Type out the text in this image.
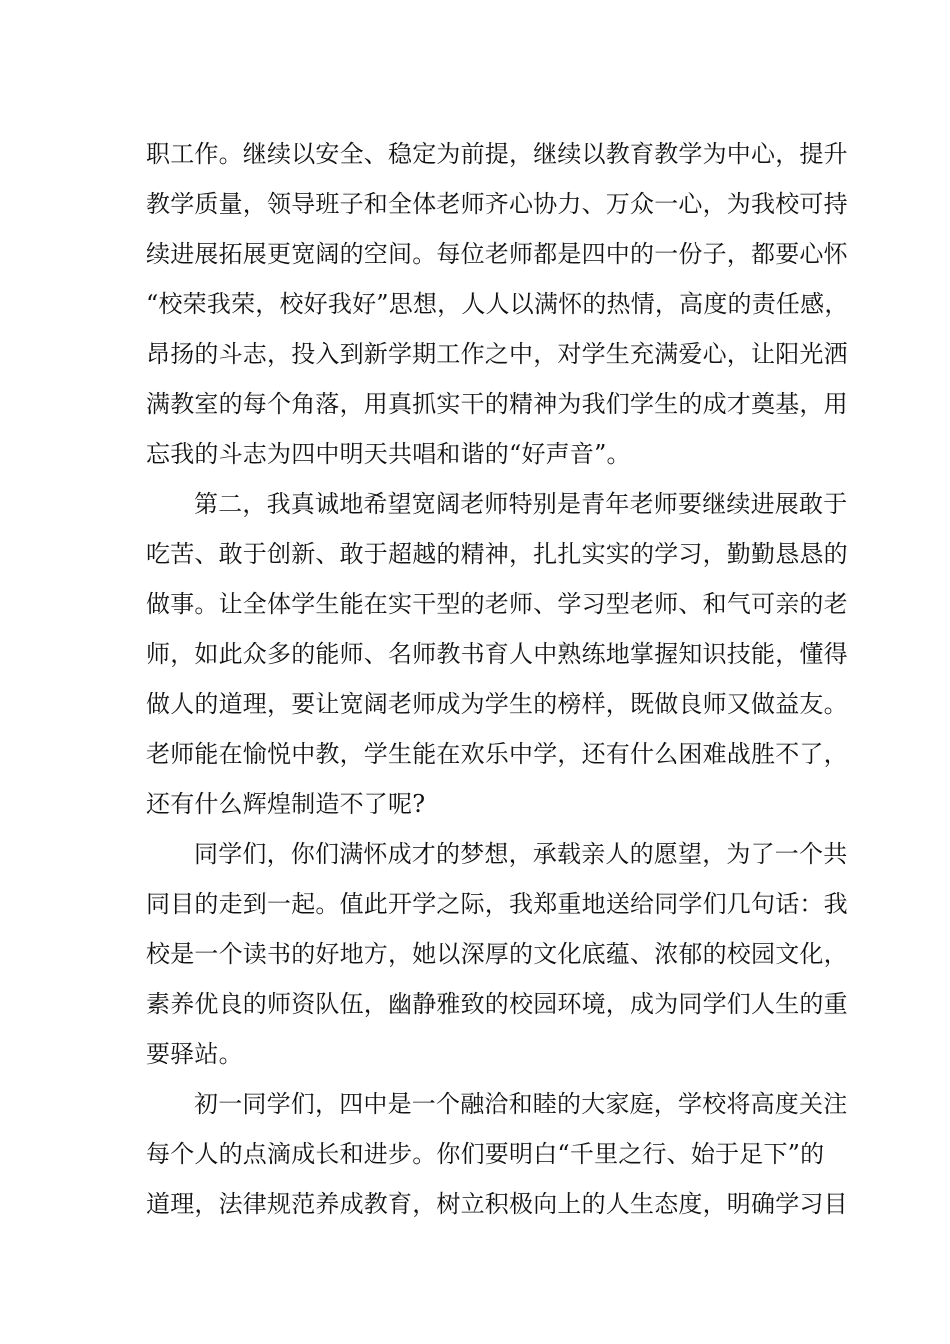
职工作。继续以安全、稳定为前提，继续以教育教学为中心，提升
教学质量，领导班子和全体老师齐心协力、万众一心，为我校可持
续进展拓展更宽阔的空间。每位老师都是四中的一份子，都要心怀
“校荣我荣，校好我好”思想，人人以满怀的热情，高度的责任感，
昂扬的斗志，投入到新学期工作之中，对学生充满爱心，让阳光洒
满教室的每个角落，用真抓实干的精神为我们学生的成才奠基，用
忘我的斗志为四中明天共唱和谐的“好声音”。
第二，我真诚地希望宽阔老师特别是青年老师要继续进展敢于
吃苦、敢于创新、敢于超越的精神，扎扎实实的学习，勤勤恳恳的
做事。让全体学生能在实干型的老师、学习型老师、和气可亲的老
师，如此众多的能师、名师教书育人中熟练地掌握知识技能，懂得
做人的道理，要让宽阔老师成为学生的榜样，既做良师又做益友。
老师能在愉悦中教，学生能在欢乐中学，还有什么困难战胜不了，
还有什么辉煌制造不了呢?
同学们，你们满怀成才的梦想，承载亲人的愿望，为了一个共
同目的走到一起。值此开学之际，我郑重地送给同学们几句话：我
校是一个读书的好地方，她以深厚的文化底蕴、浓郁的校园文化，
素养优良的师资队伍，幽静雅致的校园环境，成为同学们人生的重
要驿站。
初一同学们，四中是一个融洽和睦的大家庭，学校将高度关注
每个人的点滴成长和进步。你们要明白“千里之行、始于足下”的
道理，法律规范养成教育，树立积极向上的人生态度，明确学习目
